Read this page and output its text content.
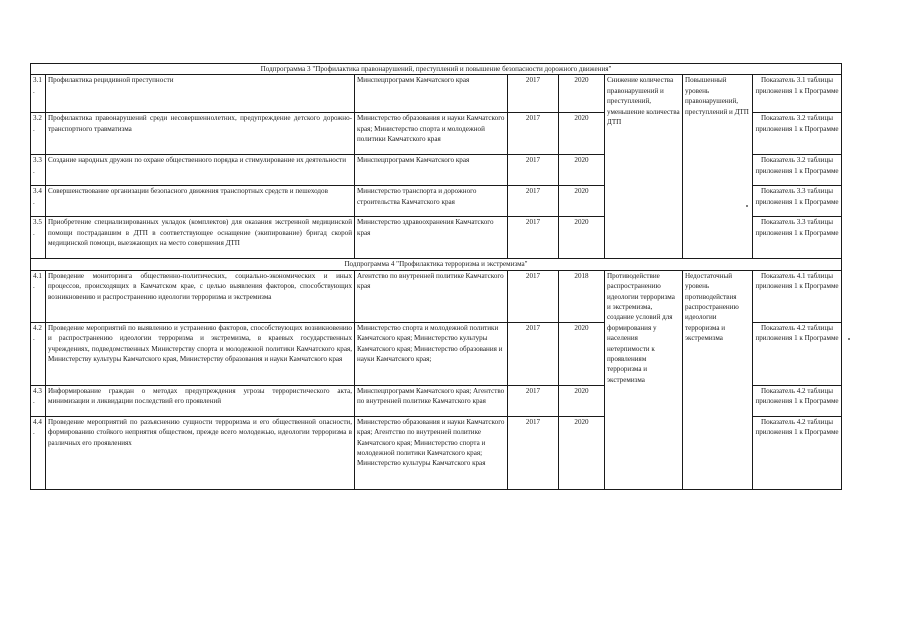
Подпрограмма 3 "Профилактика правонарушений, преступлений и повышение безопасности дорожного движения"							
3.1.	Профилактика рецидивной преступности	Минспецпрограмм Камчатского края	2017	2020	Снижение количества правонарушений и преступлений, уменьшение количества ДТП	Повышенный уровень правонарушений, преступлений и ДТП	Показатель 3.1 таблицы приложения 1 к Программе
3.2.	Профилактика правонарушений среди несовершеннолетних, предупреждение детского дорожно-транспортного травматизма	Министерство образования и науки Камчатского края; Министерство спорта и молодежной политики Камчатского края	2017	2020			Показатель 3.2 таблицы приложения 1 к Программе
3.3.	Создание народных дружин по охране общественного порядка и стимулирование их деятельности	Минспецпрограмм Камчатского края	2017	2020			Показатель 3.2 таблицы приложения 1 к Программе
3.4.	Совершенствование организации безопасного движения транспортных средств и пешеходов	Министерство транспорта и дорожного строительства Камчатского края	2017	2020			Показатель 3.3 таблицы приложения 1 к Программе
3.5.	Приобретение специализированных укладок (комплектов) для оказания экстренной медицинской помощи пострадавшим в ДТП в соответствующее оснащение (экипирование) бригад скорой медицинской помощи, выезжающих на место совершения ДТП	Министерство здравоохранения Камчатского края	2017	2020			Показатель 3.3 таблицы приложения 1 к Программе
Подпрограмма 4 "Профилактика терроризма и экстремизма"							
4.1.	Проведение мониторинга общественно-политических, социально-экономических и иных процессов, происходящих в Камчатском крае, с целью выявления факторов, способствующих возникновению и распространению идеологии терроризма и экстремизма	Агентство по внутренней политике Камчатского края	2017	2018	Противодействие распространению идеологии терроризма и экстремизма, создание условий для формирования у населения нетерпимости к проявлениям терроризма и экстремизма	Недостаточный уровень противодействия распространению идеологии терроризма и экстремизма	Показатель 4.1 таблицы приложения 1 к Программе
4.2.	Проведение мероприятий по выявлению и устранению факторов, способствующих возникновению и распространению идеологии терроризма и экстремизма, в краевых государственных учреждениях, подведомственных Министерству спорта и молодежной политики Камчатского края, Министерству культуры Камчатского края, Министерству образования и науки Камчатского края	Министерство спорта и молодежной политики Камчатского края; Министерство культуры Камчатского края; Министерство образования и науки Камчатского края;	2017	2020			Показатель 4.2 таблицы приложения 1 к Программе
4.3.	Информирование граждан о методах предупреждения угрозы террористического акта, минимизации и ликвидации последствий его проявлений	Минспецпрограмм Камчатского края; Агентство по внутренней политике Камчатского края	2017	2020			Показатель 4.2 таблицы приложения 1 к Программе
4.4.	Проведение мероприятий по разъяснению сущности терроризма и его общественной опасности, формированию стойкого неприятия обществом, прежде всего молодежью, идеологии терроризма в различных его проявлениях	Министерство образования и науки Камчатского края; Агентство по внутренней политике Камчатского края; Министерство спорта и молодежной политики Камчатского края; Министерство культуры Камчатского края	2017	2020			Показатель 4.2 таблицы приложения 1 к Программе
